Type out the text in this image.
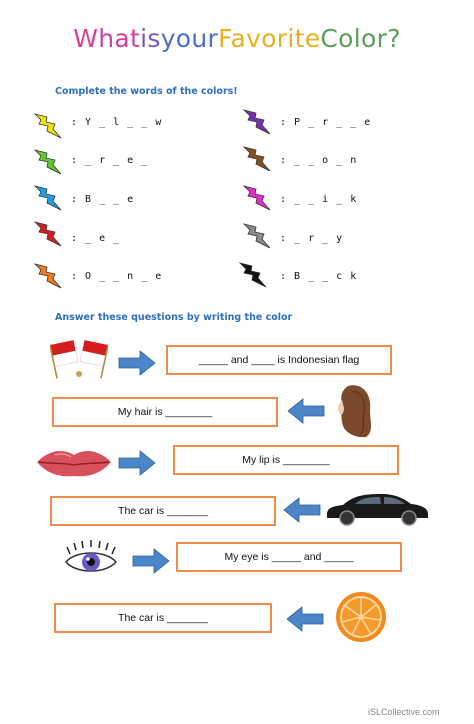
WhatisyourFavoriteColor?
Complete the words of the colors!
: Y _ l _ _ w
: _ r _ e _
: B _ _ e
: _ e _
: O _ _ n _ e
: P _ r _ _ e
: _ _ o _ n
: _ _ i _ k
: _ r _ y
: B _ _ c k
Answer these questions by writing the color
_____ and ____ is Indonesian flag
My hair is ________
My lip is ________
The car is _______
My eye is _____ and _____
The car is _______
iSLCollective.com
